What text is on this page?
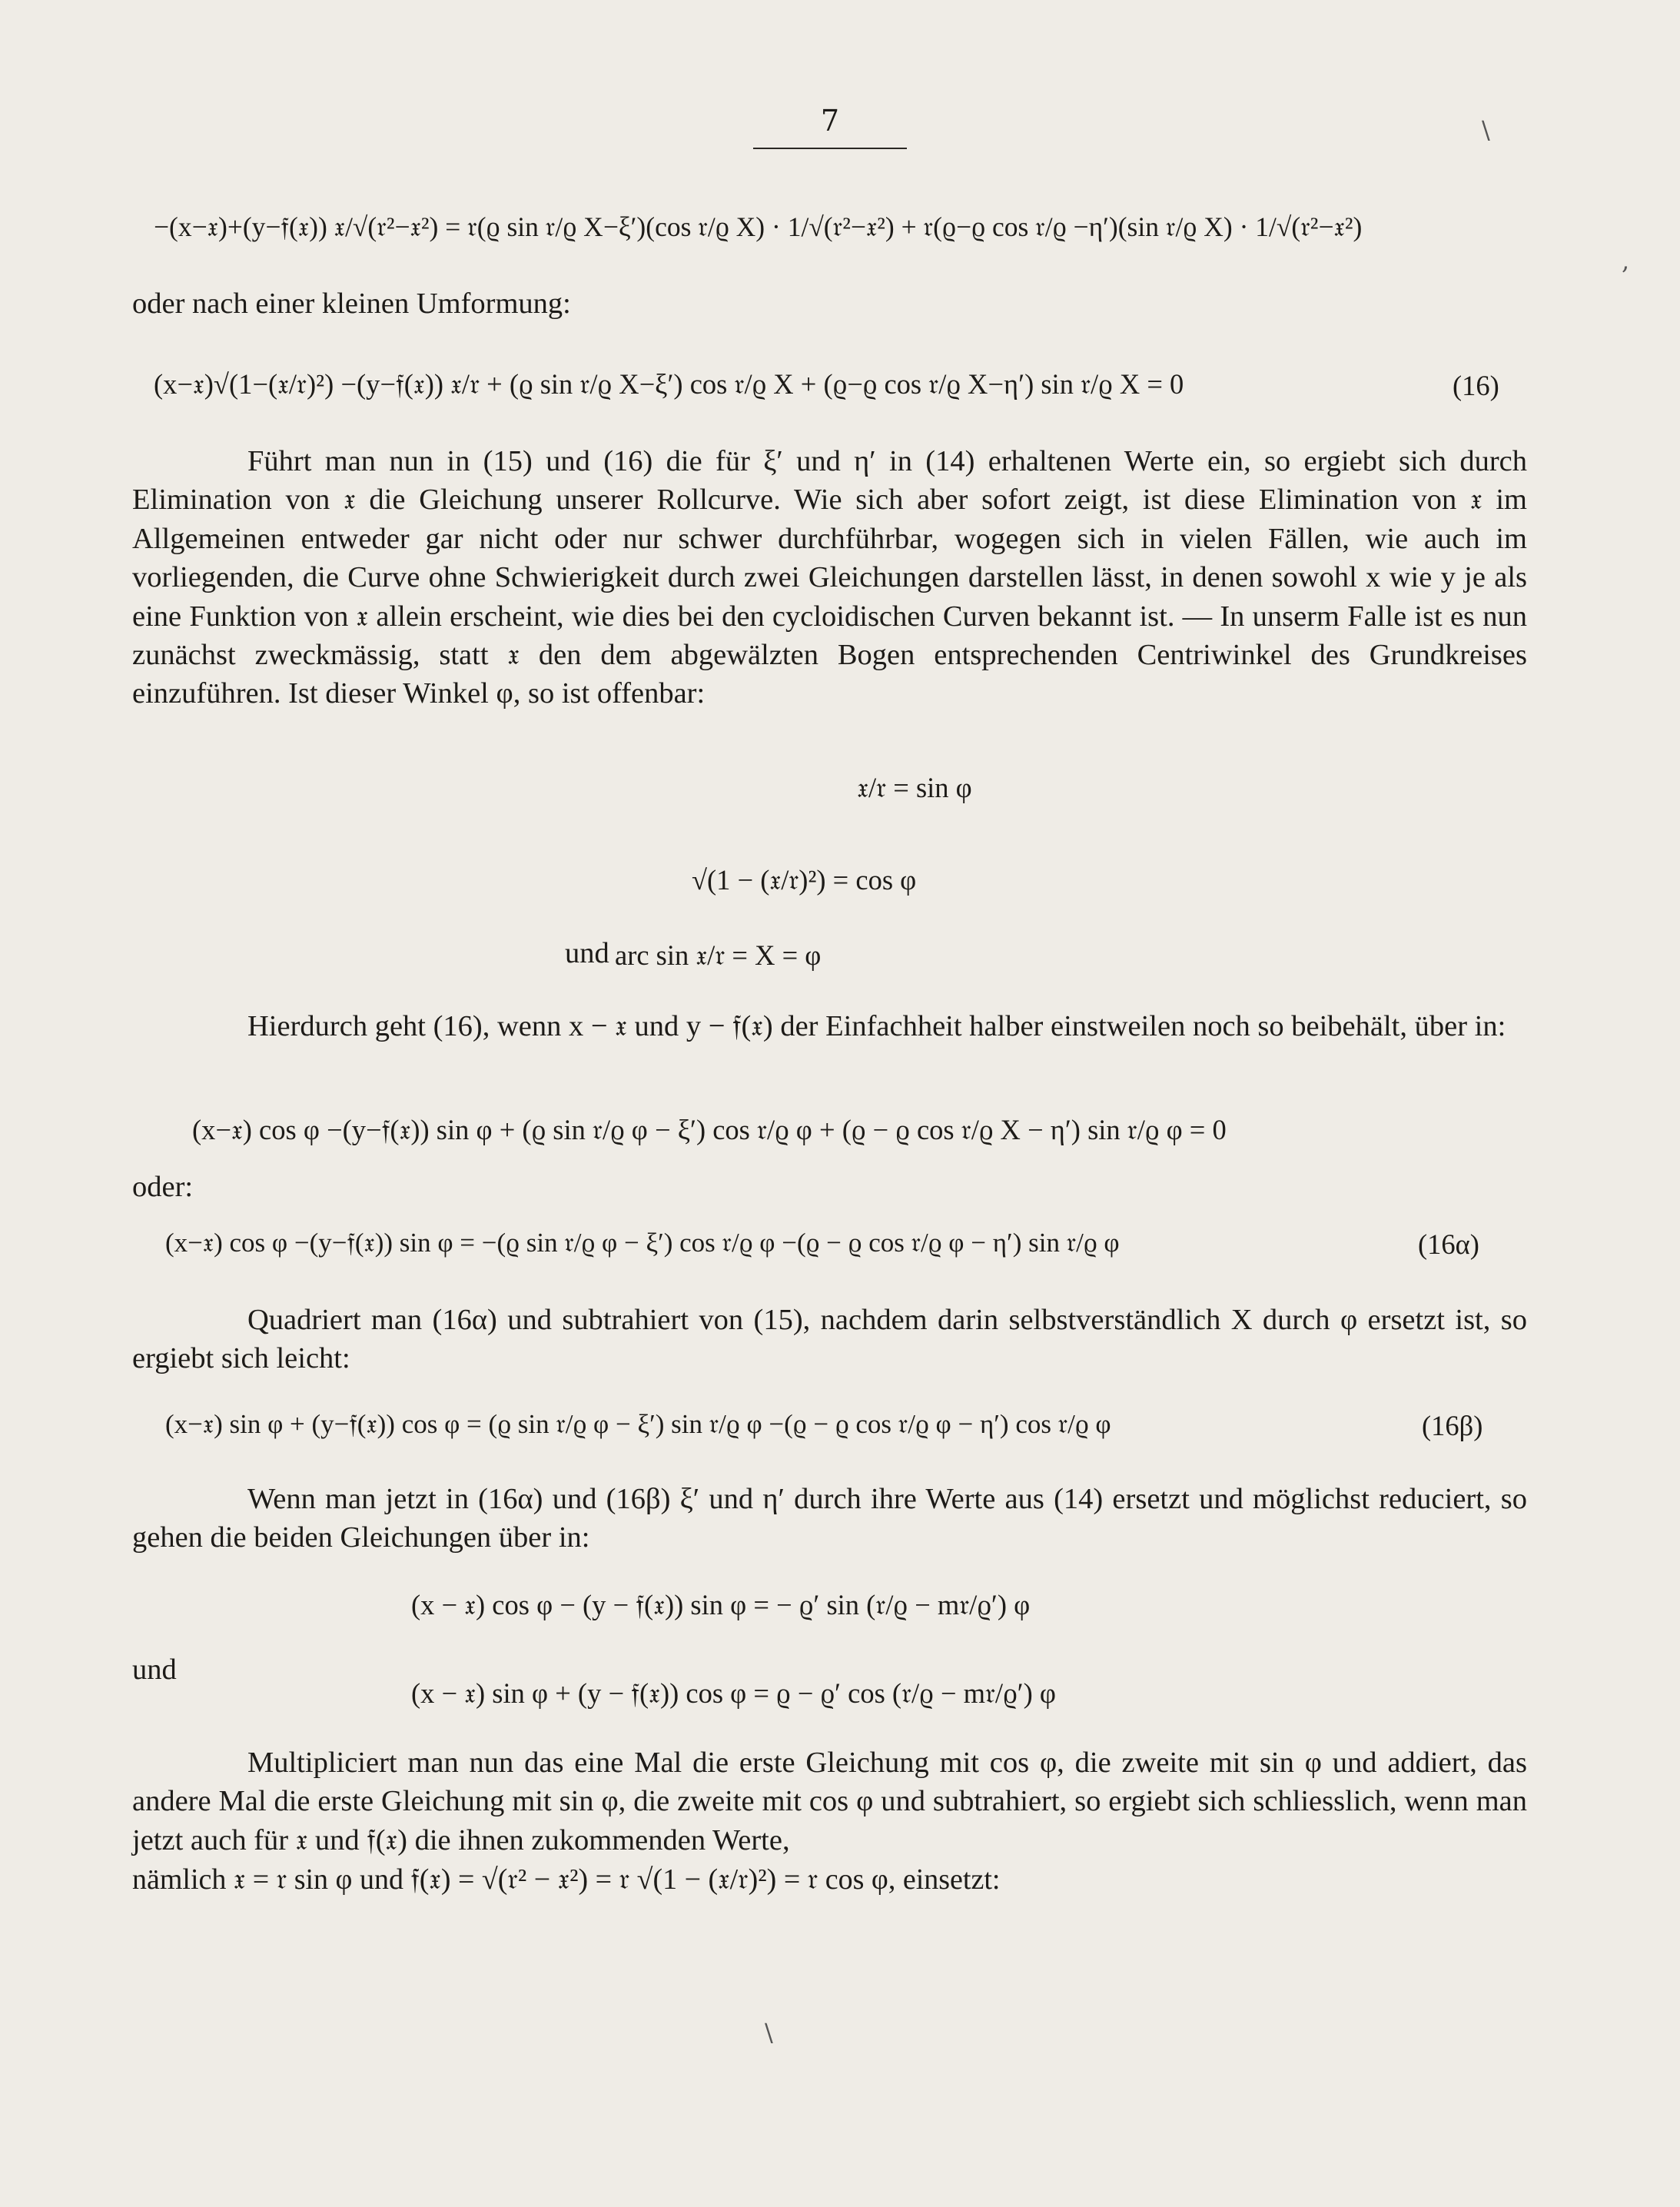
\
,
\
7
−(x−𝔵)+(y−𝔣(𝔵)) 𝔵/√(𝔯²−𝔵²) = 𝔯(ϱ sin 𝔯/ϱ X−ξ′)(cos 𝔯/ϱ X) · 1/√(𝔯²−𝔵²) + 𝔯(ϱ−ϱ cos 𝔯/ϱ −η′)(sin 𝔯/ϱ X) · 1/√(𝔯²−𝔵²)
oder nach einer kleinen Umformung:
(x−𝔵)√(1−(𝔵/𝔯)²) −(y−𝔣(𝔵)) 𝔵/𝔯 + (ϱ sin 𝔯/ϱ X−ξ′) cos 𝔯/ϱ X + (ϱ−ϱ cos 𝔯/ϱ X−η′) sin 𝔯/ϱ X = 0	(16)
Führt man nun in (15) und (16) die für ξ′ und η′ in (14) erhaltenen Werte ein, so ergiebt sich durch Elimination von 𝔵 die Gleichung unserer Rollcurve. Wie sich aber sofort zeigt, ist diese Elimination von 𝔵 im Allgemeinen entweder gar nicht oder nur schwer durchführbar, wogegen sich in vielen Fällen, wie auch im vorliegenden, die Curve ohne Schwierigkeit durch zwei Gleichungen darstellen lässt, in denen sowohl x wie y je als eine Funktion von 𝔵 allein erscheint, wie dies bei den cycloidischen Curven bekannt ist. — In unserm Falle ist es nun zunächst zweckmässig, statt 𝔵 den dem abgewälzten Bogen entsprechenden Centriwinkel des Grundkreises einzuführen. Ist dieser Winkel φ, so ist offenbar:
𝔵/𝔯 = sin φ
√(1 − (𝔵/𝔯)²) = cos φ
und arc sin 𝔵/𝔯 = X = φ
Hierdurch geht (16), wenn x − 𝔵 und y − 𝔣(𝔵) der Einfachheit halber einstweilen noch so beibehält, über in:
(x−𝔵) cos φ −(y−𝔣(𝔵)) sin φ + (ϱ sin 𝔯/ϱ φ − ξ′) cos 𝔯/ϱ φ + (ϱ − ϱ cos 𝔯/ϱ X − η′) sin 𝔯/ϱ φ = 0
oder:
(x−𝔵) cos φ −(y−𝔣(𝔵)) sin φ = −(ϱ sin 𝔯/ϱ φ − ξ′) cos 𝔯/ϱ φ −(ϱ − ϱ cos 𝔯/ϱ φ − η′) sin 𝔯/ϱ φ	(16α)
Quadriert man (16α) und subtrahiert von (15), nachdem darin selbstverständlich X durch φ ersetzt ist, so ergiebt sich leicht:
(x−𝔵) sin φ + (y−𝔣(𝔵)) cos φ = (ϱ sin 𝔯/ϱ φ − ξ′) sin 𝔯/ϱ φ −(ϱ − ϱ cos 𝔯/ϱ φ − η′) cos 𝔯/ϱ φ	(16β)
Wenn man jetzt in (16α) und (16β) ξ′ und η′ durch ihre Werte aus (14) ersetzt und möglichst reduciert, so gehen die beiden Gleichungen über in:
(x − 𝔵) cos φ − (y − 𝔣(𝔵)) sin φ = − ϱ′ sin (𝔯/ϱ − m𝔯/ϱ′) φ
und
(x − 𝔵) sin φ + (y − 𝔣(𝔵)) cos φ = ϱ − ϱ′ cos (𝔯/ϱ − m𝔯/ϱ′) φ
Multipliciert man nun das eine Mal die erste Gleichung mit cos φ, die zweite mit sin φ und addiert, das andere Mal die erste Gleichung mit sin φ, die zweite mit cos φ und subtrahiert, so ergiebt sich schliesslich, wenn man jetzt auch für 𝔵 und 𝔣(𝔵) die ihnen zukommenden Werte,
nämlich 𝔵 = 𝔯 sin φ und 𝔣(𝔵) = √(𝔯² − 𝔵²) = 𝔯 √(1 − (𝔵/𝔯)²) = 𝔯 cos φ, einsetzt:
